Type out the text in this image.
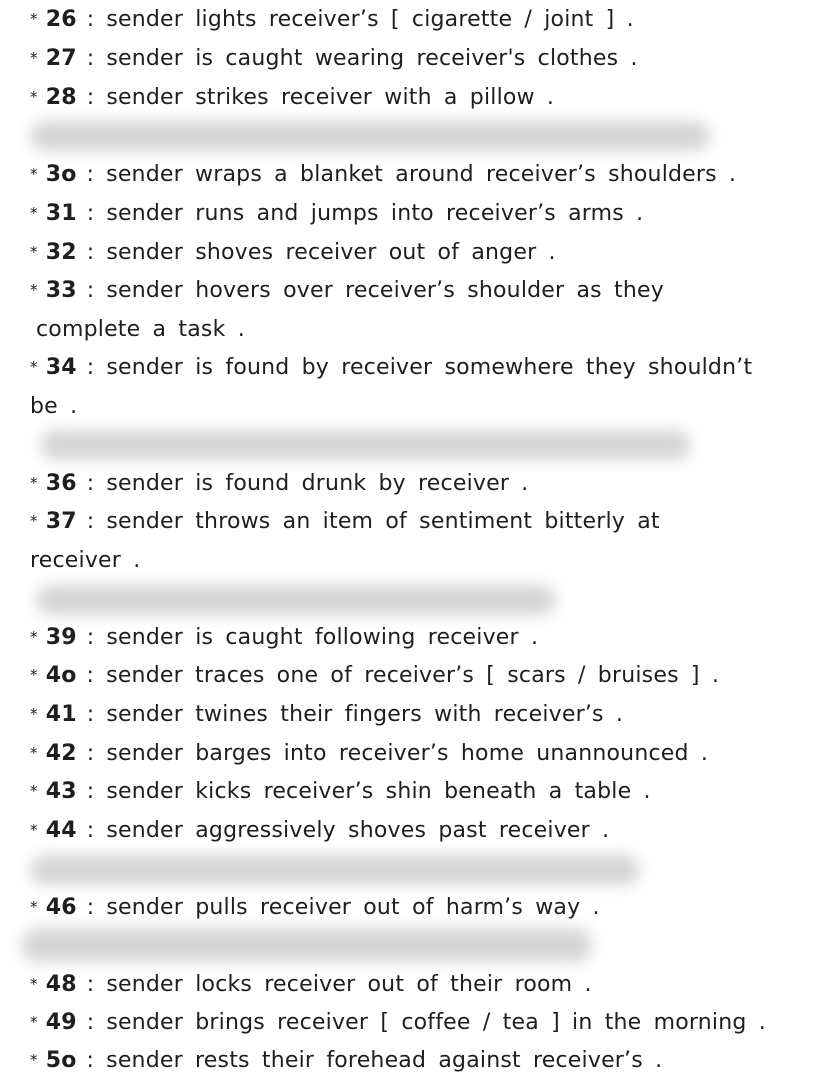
* 26 : sender lights receiver’s [ cigarette / joint ] .
* 27 : sender is caught wearing receiver's clothes .
* 28 : sender strikes receiver with a pillow .
* 3o : sender wraps a blanket around receiver’s shoulders .
* 31 : sender runs and jumps into receiver’s arms .
* 32 : sender shoves receiver out of anger .
* 33 : sender hovers over receiver’s shoulder as they
complete a task .
* 34 : sender is found by receiver somewhere they shouldn’t
be .
* 36 : sender is found drunk by receiver .
* 37 : sender throws an item of sentiment bitterly at
receiver .
* 39 : sender is caught following receiver .
* 4o : sender traces one of receiver’s [ scars / bruises ] .
* 41 : sender twines their fingers with receiver’s .
* 42 : sender barges into receiver’s home unannounced .
* 43 : sender kicks receiver’s shin beneath a table .
* 44 : sender aggressively shoves past receiver .
* 46 : sender pulls receiver out of harm’s way .
* 48 : sender locks receiver out of their room .
* 49 : sender brings receiver [ coffee / tea ] in the morning .
* 5o : sender rests their forehead against receiver’s .
